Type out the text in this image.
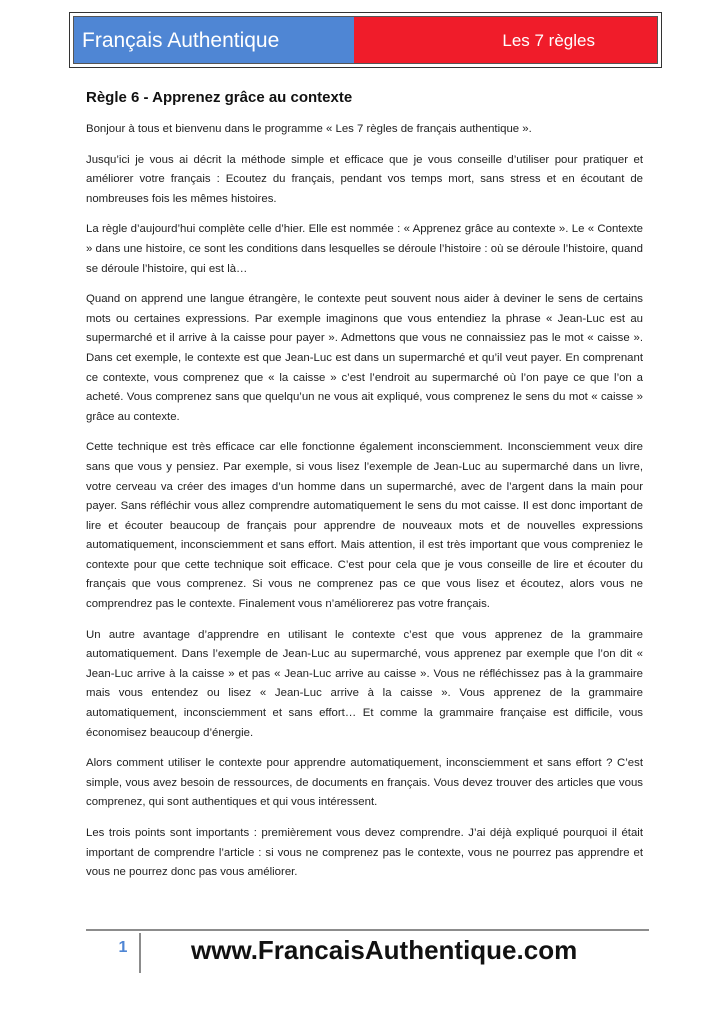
Français Authentique	Les 7 règles
Règle 6 - Apprenez grâce au contexte

Bonjour à tous et bienvenu dans le programme « Les 7 règles de français authentique ».

Jusqu’ici je vous ai décrit la méthode simple et efficace que je vous conseille d’utiliser pour pratiquer et améliorer votre français : Ecoutez du français, pendant vos temps mort, sans stress et en écoutant de nombreuses fois les mêmes histoires.

La règle d’aujourd’hui complète celle d’hier. Elle est nommée : « Apprenez grâce au contexte ». Le « Contexte » dans une histoire, ce sont les conditions dans lesquelles se déroule l’histoire : où se déroule l’histoire, quand se déroule l’histoire, qui est là…

Quand on apprend une langue étrangère, le contexte peut souvent nous aider à deviner le sens de certains mots ou certaines expressions. Par exemple imaginons que vous entendiez la phrase « Jean-Luc est au supermarché et il arrive à la caisse pour payer ». Admettons que vous ne connaissiez pas le mot « caisse ». Dans cet exemple, le contexte est que Jean-Luc est dans un supermarché et qu’il veut payer. En comprenant ce contexte, vous comprenez que « la caisse » c’est l’endroit au supermarché où l’on paye ce que l’on a acheté. Vous comprenez sans que quelqu’un ne vous ait expliqué, vous comprenez le sens du mot « caisse » grâce au contexte.

Cette technique est très efficace car elle fonctionne également inconsciemment. Inconsciemment veux dire sans que vous y pensiez. Par exemple, si vous lisez l’exemple de Jean-Luc au supermarché dans un livre, votre cerveau va créer des images d’un homme dans un supermarché, avec de l’argent dans la main pour payer. Sans réfléchir vous allez comprendre automatiquement le sens du mot caisse. Il est donc important de lire et écouter beaucoup de français pour apprendre de nouveaux mots et de nouvelles expressions automatiquement, inconsciemment et sans effort. Mais attention, il est très important que vous compreniez le contexte pour que cette technique soit efficace. C’est pour cela que je vous conseille de lire et écouter du français que vous comprenez. Si vous ne comprenez pas ce que vous lisez et écoutez, alors vous ne comprendrez pas le contexte. Finalement vous n’améliorerez pas votre français.

Un autre avantage d’apprendre en utilisant le contexte c’est que vous apprenez de la grammaire automatiquement. Dans l’exemple de Jean-Luc au supermarché, vous apprenez par exemple que l’on dit « Jean-Luc arrive à la caisse » et pas « Jean-Luc arrive au caisse ». Vous ne réfléchissez pas à la grammaire mais vous entendez ou lisez « Jean-Luc arrive à la caisse ». Vous apprenez de la grammaire automatiquement, inconsciemment et sans effort… Et comme la grammaire française est difficile, vous économisez beaucoup d’énergie.

Alors comment utiliser le contexte pour apprendre automatiquement, inconsciemment et sans effort ? C’est simple, vous avez besoin de ressources, de documents en français. Vous devez trouver des articles que vous comprenez, qui sont authentiques et qui vous intéressent.

Les trois points sont importants : premièrement vous devez comprendre. J’ai déjà expliqué pourquoi il était important de comprendre l’article : si vous ne comprenez pas le contexte, vous ne pourrez pas apprendre et vous ne pourrez donc pas vous améliorer.

1	www.FrancaisAuthentique.com
